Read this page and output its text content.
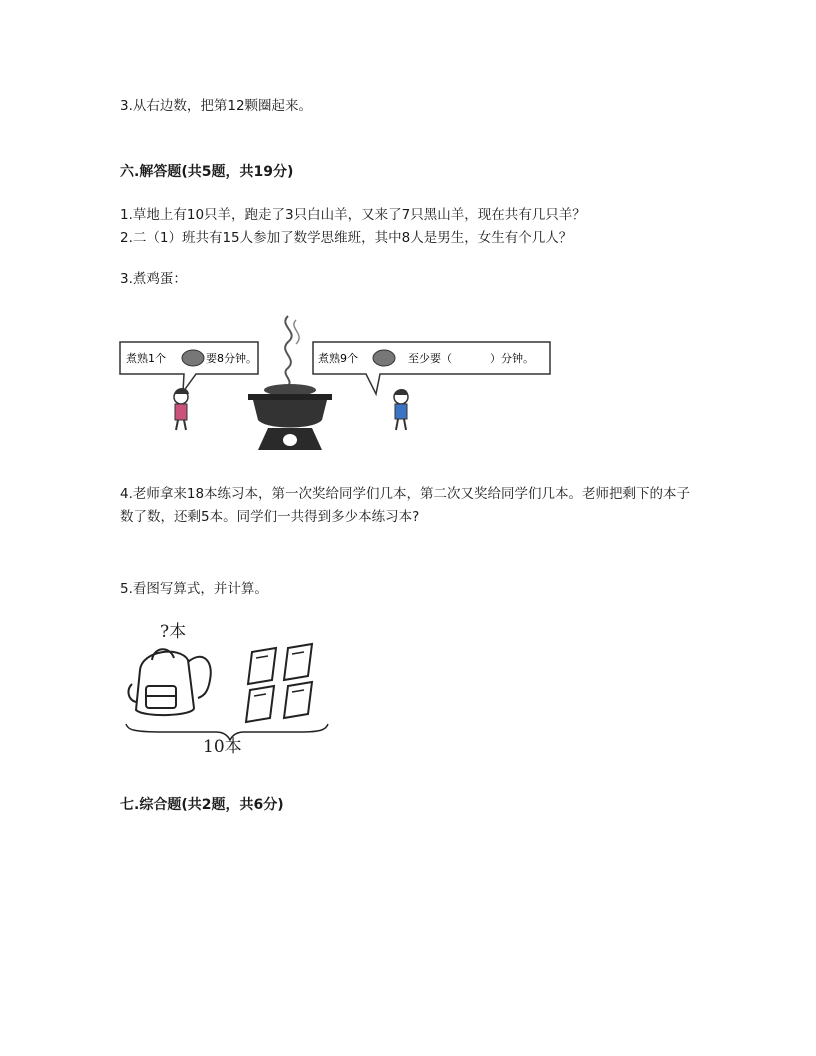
3.从右边数，把第12颗圈起来。
六.解答题(共5题，共19分)
1.草地上有10只羊，跑走了3只白山羊，又来了7只黑山羊，现在共有几只羊？
2.二（1）班共有15人参加了数学思维班，其中8人是男生，女生有个几人？
3.煮鸡蛋：
煮熟1个	要8分钟。	煮熟9个	至少要（	）分钟。
4.老师拿来18本练习本，第一次奖给同学们几本，第二次又奖给同学们几本。老师把剩下的本子数了数，还剩5本。同学们一共得到多少本练习本?
5.看图写算式，并计算。
?本
10本
七.综合题(共2题，共6分)
